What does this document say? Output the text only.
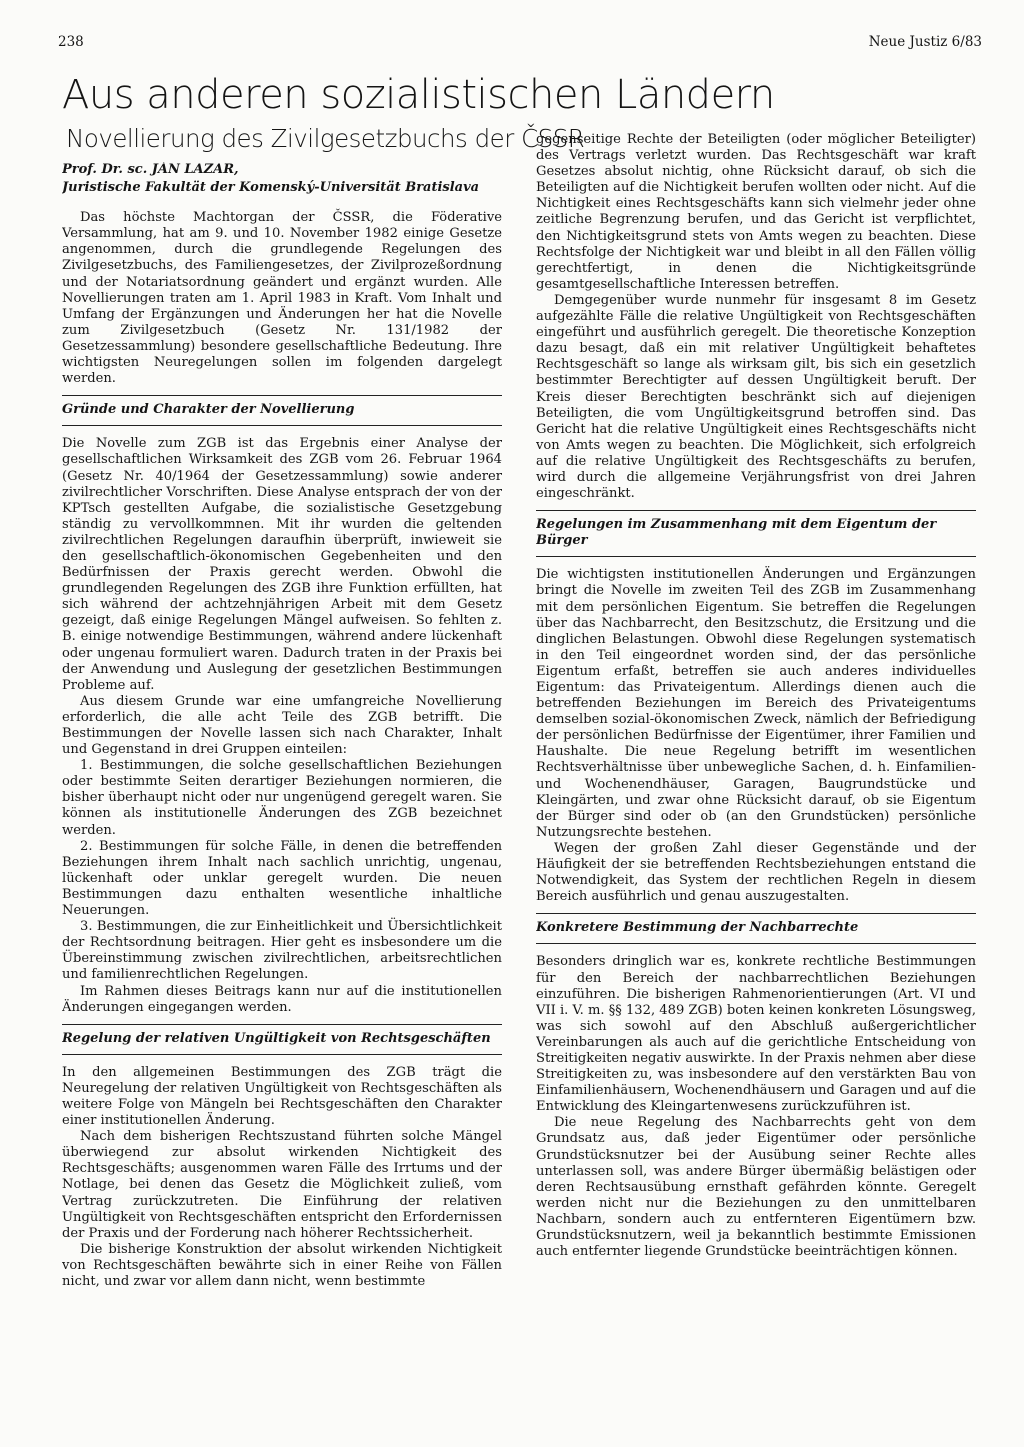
238	Neue Justiz 6/83
Aus anderen sozialistischen Ländern
Novellierung des Zivilgesetzbuchs der ČSSR
Prof. Dr. sc. JÁN LAZAR,
Juristische Fakultät der Komenský-Universität Bratislava

Das höchste Machtorgan der ČSSR, die Föderative Versammlung, hat am 9. und 10. November 1982 einige Gesetze angenommen, durch die grundlegende Regelungen des Zivilgesetzbuchs, des Familiengesetzes, der Zivilprozeßordnung und der Notariatsordnung geändert und ergänzt wurden. Alle Novellierungen traten am 1. April 1983 in Kraft. Vom Inhalt und Umfang der Ergänzungen und Änderungen her hat die Novelle zum Zivilgesetzbuch (Gesetz Nr. 131/1982 der Gesetzessammlung) besondere gesellschaftliche Bedeutung. Ihre wichtigsten Neuregelungen sollen im folgenden dargelegt werden.

Gründe und Charakter der Novellierung

Die Novelle zum ZGB ist das Ergebnis einer Analyse der gesellschaftlichen Wirksamkeit des ZGB vom 26. Februar 1964 (Gesetz Nr. 40/1964 der Gesetzessammlung) sowie anderer zivilrechtlicher Vorschriften. Diese Analyse entsprach der von der KPTsch gestellten Aufgabe, die sozialistische Gesetzgebung ständig zu vervollkommnen. Mit ihr wurden die geltenden zivilrechtlichen Regelungen daraufhin überprüft, inwieweit sie den gesellschaftlich-ökonomischen Gegebenheiten und den Bedürfnissen der Praxis gerecht werden. Obwohl die grundlegenden Regelungen des ZGB ihre Funktion erfüllten, hat sich während der achtzehnjährigen Arbeit mit dem Gesetz gezeigt, daß einige Regelungen Mängel aufweisen. So fehlten z. B. einige notwendige Bestimmungen, während andere lückenhaft oder ungenau formuliert waren. Dadurch traten in der Praxis bei der Anwendung und Auslegung der gesetzlichen Bestimmungen Probleme auf.

Aus diesem Grunde war eine umfangreiche Novellierung erforderlich, die alle acht Teile des ZGB betrifft. Die Bestimmungen der Novelle lassen sich nach Charakter, Inhalt und Gegenstand in drei Gruppen einteilen:

1. Bestimmungen, die solche gesellschaftlichen Beziehungen oder bestimmte Seiten derartiger Beziehungen normieren, die bisher überhaupt nicht oder nur ungenügend geregelt waren. Sie können als institutionelle Änderungen des ZGB bezeichnet werden.

2. Bestimmungen für solche Fälle, in denen die betreffenden Beziehungen ihrem Inhalt nach sachlich unrichtig, ungenau, lückenhaft oder unklar geregelt wurden. Die neuen Bestimmungen dazu enthalten wesentliche inhaltliche Neuerungen.

3. Bestimmungen, die zur Einheitlichkeit und Übersichtlichkeit der Rechtsordnung beitragen. Hier geht es insbesondere um die Übereinstimmung zwischen zivilrechtlichen, arbeitsrechtlichen und familienrechtlichen Regelungen.

Im Rahmen dieses Beitrags kann nur auf die institutionellen Änderungen eingegangen werden.

Regelung der relativen Ungültigkeit von Rechtsgeschäften

In den allgemeinen Bestimmungen des ZGB trägt die Neuregelung der relativen Ungültigkeit von Rechtsgeschäften als weitere Folge von Mängeln bei Rechtsgeschäften den Charakter einer institutionellen Änderung.

Nach dem bisherigen Rechtszustand führten solche Mängel überwiegend zur absolut wirkenden Nichtigkeit des Rechtsgeschäfts; ausgenommen waren Fälle des Irrtums und der Notlage, bei denen das Gesetz die Möglichkeit zuließ, vom Vertrag zurückzutreten. Die Einführung der relativen Ungültigkeit von Rechtsgeschäften entspricht den Erfordernissen der Praxis und der Forderung nach höherer Rechtssicherheit.

Die bisherige Konstruktion der absolut wirkenden Nichtigkeit von Rechtsgeschäften bewährte sich in einer Reihe von Fällen nicht, und zwar vor allem dann nicht, wenn bestimmte

gegenseitige Rechte der Beteiligten (oder möglicher Beteiligter) des Vertrags verletzt wurden. Das Rechtsgeschäft war kraft Gesetzes absolut nichtig, ohne Rücksicht darauf, ob sich die Beteiligten auf die Nichtigkeit berufen wollten oder nicht. Auf die Nichtigkeit eines Rechtsgeschäfts kann sich vielmehr jeder ohne zeitliche Begrenzung berufen, und das Gericht ist verpflichtet, den Nichtigkeitsgrund stets von Amts wegen zu beachten. Diese Rechtsfolge der Nichtigkeit war und bleibt in all den Fällen völlig gerechtfertigt, in denen die Nichtigkeitsgründe gesamtgesellschaftliche Interessen betreffen.

Demgegenüber wurde nunmehr für insgesamt 8 im Gesetz aufgezählte Fälle die relative Ungültigkeit von Rechtsgeschäften eingeführt und ausführlich geregelt. Die theoretische Konzeption dazu besagt, daß ein mit relativer Ungültigkeit behaftetes Rechtsgeschäft so lange als wirksam gilt, bis sich ein gesetzlich bestimmter Berechtigter auf dessen Ungültigkeit beruft. Der Kreis dieser Berechtigten beschränkt sich auf diejenigen Beteiligten, die vom Ungültigkeitsgrund betroffen sind. Das Gericht hat die relative Ungültigkeit eines Rechtsgeschäfts nicht von Amts wegen zu beachten. Die Möglichkeit, sich erfolgreich auf die relative Ungültigkeit des Rechtsgeschäfts zu berufen, wird durch die allgemeine Verjährungsfrist von drei Jahren eingeschränkt.

Regelungen im Zusammenhang mit dem Eigentum der Bürger

Die wichtigsten institutionellen Änderungen und Ergänzungen bringt die Novelle im zweiten Teil des ZGB im Zusammenhang mit dem persönlichen Eigentum. Sie betreffen die Regelungen über das Nachbarrecht, den Besitzschutz, die Ersitzung und die dinglichen Belastungen. Obwohl diese Regelungen systematisch in den Teil eingeordnet worden sind, der das persönliche Eigentum erfaßt, betreffen sie auch anderes individuelles Eigentum: das Privateigentum. Allerdings dienen auch die betreffenden Beziehungen im Bereich des Privateigentums demselben sozial-ökonomischen Zweck, nämlich der Befriedigung der persönlichen Bedürfnisse der Eigentümer, ihrer Familien und Haushalte. Die neue Regelung betrifft im wesentlichen Rechtsverhältnisse über unbewegliche Sachen, d. h. Einfamilien- und Wochenendhäuser, Garagen, Baugrundstücke und Kleingärten, und zwar ohne Rücksicht darauf, ob sie Eigentum der Bürger sind oder ob (an den Grundstücken) persönliche Nutzungsrechte bestehen.

Wegen der großen Zahl dieser Gegenstände und der Häufigkeit der sie betreffenden Rechtsbeziehungen entstand die Notwendigkeit, das System der rechtlichen Regeln in diesem Bereich ausführlich und genau auszugestalten.

Konkretere Bestimmung der Nachbarrechte

Besonders dringlich war es, konkrete rechtliche Bestimmungen für den Bereich der nachbarrechtlichen Beziehungen einzuführen. Die bisherigen Rahmenorientierungen (Art. VI und VII i. V. m. §§ 132, 489 ZGB) boten keinen konkreten Lösungsweg, was sich sowohl auf den Abschluß außergerichtlicher Vereinbarungen als auch auf die gerichtliche Entscheidung von Streitigkeiten negativ auswirkte. In der Praxis nehmen aber diese Streitigkeiten zu, was insbesondere auf den verstärkten Bau von Einfamilienhäusern, Wochenendhäusern und Garagen und auf die Entwicklung des Kleingartenwesens zurückzuführen ist.

Die neue Regelung des Nachbarrechts geht von dem Grundsatz aus, daß jeder Eigentümer oder persönliche Grundstücksnutzer bei der Ausübung seiner Rechte alles unterlassen soll, was andere Bürger übermäßig belästigen oder deren Rechtsausübung ernsthaft gefährden könnte. Geregelt werden nicht nur die Beziehungen zu den unmittelbaren Nachbarn, sondern auch zu entfernteren Eigentümern bzw. Grundstücksnutzern, weil ja bekanntlich bestimmte Emissionen auch entfernter liegende Grundstücke beeinträchtigen können.
